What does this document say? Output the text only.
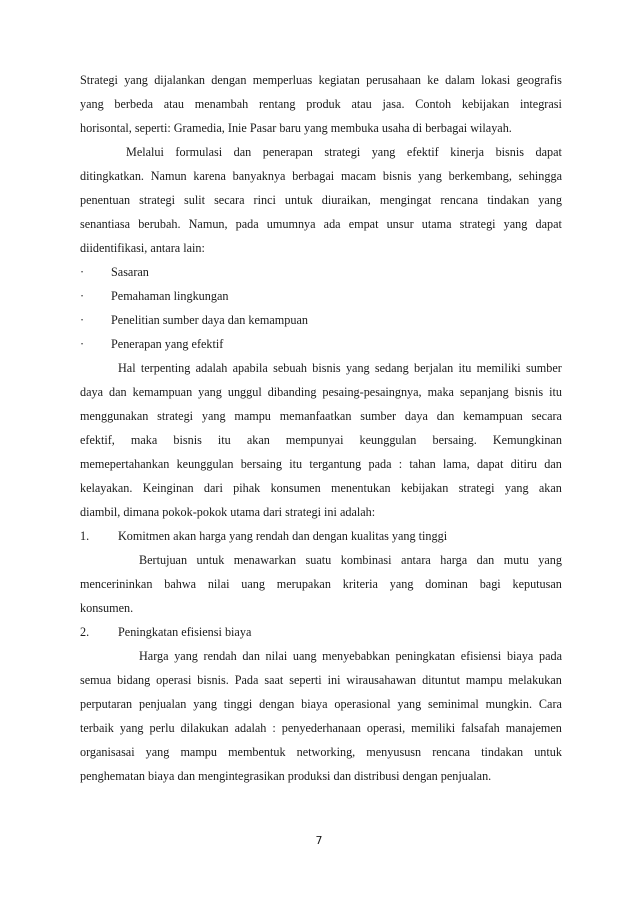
Strategi yang dijalankan dengan memperluas kegiatan perusahaan ke dalam lokasi geografis
yang berbeda atau menambah rentang produk atau jasa. Contoh kebijakan integrasi
horisontal, seperti: Gramedia, Inie Pasar baru yang membuka usaha di berbagai wilayah.
Melalui formulasi dan penerapan strategi yang efektif kinerja bisnis dapat
ditingkatkan. Namun karena banyaknya berbagai macam bisnis yang berkembang, sehingga
penentuan strategi sulit secara rinci untuk diuraikan, mengingat rencana tindakan yang
senantiasa berubah. Namun, pada umumnya ada empat unsur utama strategi yang dapat
diidentifikasi, antara lain:
· Sasaran
· Pemahaman lingkungan
· Penelitian sumber daya dan kemampuan
· Penerapan yang efektif
Hal terpenting adalah apabila sebuah bisnis yang sedang berjalan itu memiliki sumber
daya dan kemampuan yang unggul dibanding pesaing-pesaingnya, maka sepanjang bisnis itu
menggunakan strategi yang mampu memanfaatkan sumber daya dan kemampuan secara
efektif, maka bisnis itu akan mempunyai keunggulan bersaing. Kemungkinan
memepertahankan keunggulan bersaing itu tergantung pada : tahan lama, dapat ditiru dan
kelayakan. Keinginan dari pihak konsumen menentukan kebijakan strategi yang akan
diambil, dimana pokok-pokok utama dari strategi ini adalah:
1. Komitmen akan harga yang rendah dan dengan kualitas yang tinggi
Bertujuan untuk menawarkan suatu kombinasi antara harga dan mutu yang
mencerininkan bahwa nilai uang merupakan kriteria yang dominan bagi keputusan
konsumen.
2. Peningkatan efisiensi biaya
Harga yang rendah dan nilai uang menyebabkan peningkatan efisiensi biaya pada
semua bidang operasi bisnis. Pada saat seperti ini wirausahawan dituntut mampu melakukan
perputaran penjualan yang tinggi dengan biaya operasional yang seminimal mungkin. Cara
terbaik yang perlu dilakukan adalah : penyederhanaan operasi, memiliki falsafah manajemen
organisasai yang mampu membentuk networking, menyususn rencana tindakan untuk
penghematan biaya dan mengintegrasikan produksi dan distribusi dengan penjualan.
7
